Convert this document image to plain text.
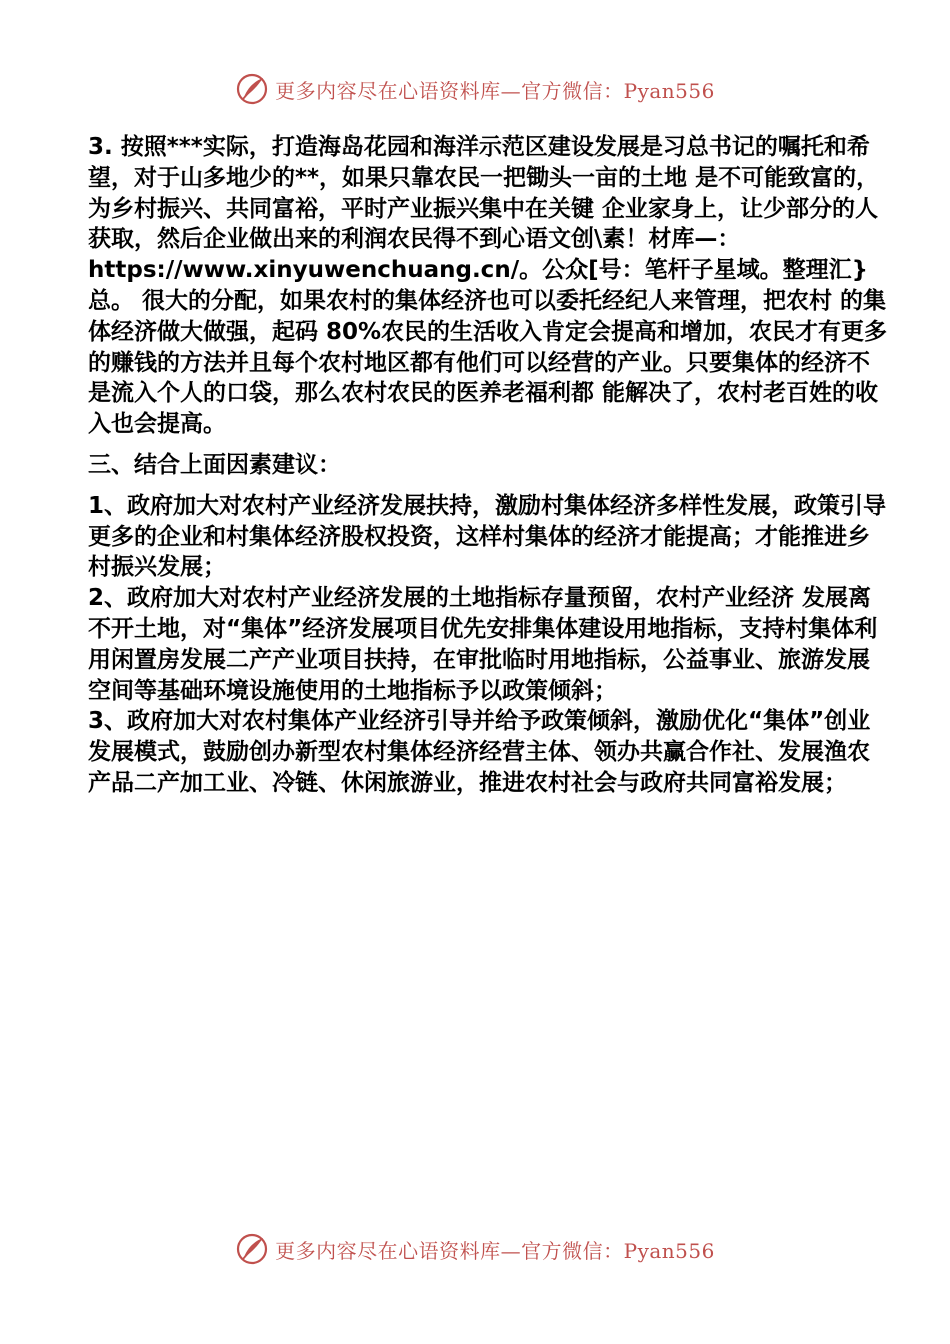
更多内容尽在心语资料库—官方微信：Pyan556

3. 按照***实际，打造海岛花园和海洋示范区建设发展是习总书记的嘱托和希望，对于山多地少的**，如果只靠农民一把锄头一亩的土地 是不可能致富的，为乡村振兴、共同富裕，平时产业振兴集中在关键 企业家身上，让少部分的人获取，然后企业做出来的利润农民得不到心语文创\素！材库—：https://www.xinyuwenchuang.cn/。公众[号：笔杆子星域。整理汇}总。 很大的分配，如果农村的集体经济也可以委托经纪人来管理，把农村 的集体经济做大做强，起码 80%农民的生活收入肯定会提高和增加，农民才有更多的赚钱的方法并且每个农村地区都有他们可以经营的产业。只要集体的经济不是流入个人的口袋，那么农村农民的医养老福利都 能解决了，农村老百姓的收入也会提高。

三、结合上面因素建议：

1、政府加大对农村产业经济发展扶持，激励村集体经济多样性发展，政策引导更多的企业和村集体经济股权投资，这样村集体的经济才能提高；才能推进乡村振兴发展；

2、政府加大对农村产业经济发展的土地指标存量预留，农村产业经济 发展离不开土地，对“集体”经济发展项目优先安排集体建设用地指标，支持村集体利用闲置房发展二产产业项目扶持，在审批临时用地指标，公益事业、旅游发展空间等基础环境设施使用的土地指标予以政策倾斜；

3、政府加大对农村集体产业经济引导并给予政策倾斜，激励优化“集体”创业发展模式，鼓励创办新型农村集体经济经营主体、领办共赢合作社、发展渔农产品二产加工业、冷链、休闲旅游业，推进农村社会与政府共同富裕发展；

更多内容尽在心语资料库—官方微信：Pyan556
